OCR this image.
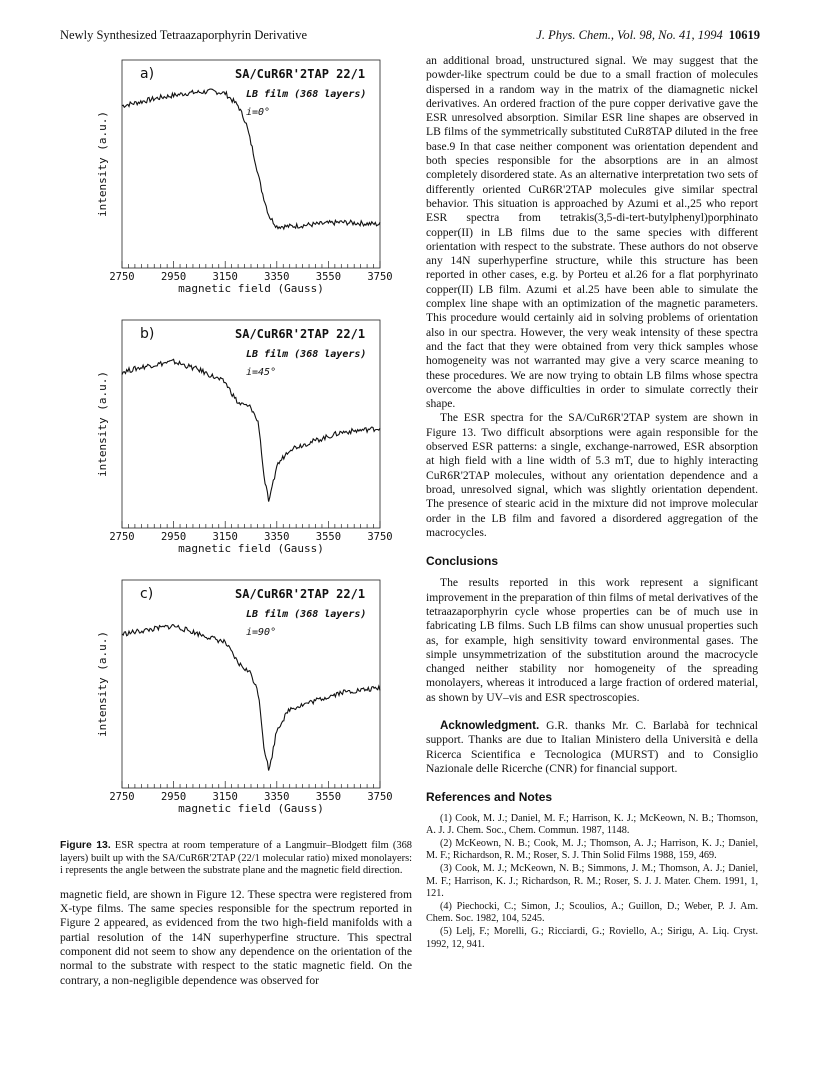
Newly Synthesized Tetraazaporphyrin Derivative	J. Phys. Chem., Vol. 98, No. 41, 1994 10619
2750	2950	3150	3350	3550	3750
magnetic field (Gauss)
intensity (a.u.)
a)	SA/CuR6R'2TAP 22/1
LB film (368 layers)
i=0°
2750	2950	3150	3350	3550	3750
magnetic field (Gauss)
intensity (a.u.)
b)	SA/CuR6R'2TAP 22/1
LB film (368 layers)
i=45°
2750	2950	3150	3350	3550	3750
magnetic field (Gauss)
intensity (a.u.)
c)	SA/CuR6R'2TAP 22/1
LB film (368 layers)
i=90°
Figure 13. ESR spectra at room temperature of a Langmuir–Blodgett film (368 layers) built up with the SA/CuR6R'2TAP (22/1 molecular ratio) mixed monolayers: i represents the angle between the substrate plane and the magnetic field direction.
magnetic field, are shown in Figure 12. These spectra were registered from X-type films. The same species responsible for the spectrum reported in Figure 2 appeared, as evidenced from the two high-field manifolds with a partial resolution of the 14N superhyperfine structure. This spectral component did not seem to show any dependence on the orientation of the normal to the substrate with respect to the static magnetic field. On the contrary, a non-negligible dependence was observed for

an additional broad, unstructured signal. We may suggest that the powder-like spectrum could be due to a small fraction of molecules dispersed in a random way in the matrix of the diamagnetic nickel derivatives. An ordered fraction of the pure copper derivative gave the ESR unresolved absorption. Similar ESR line shapes are observed in LB films of the symmetrically substituted CuR8TAP diluted in the free base.9 In that case neither component was orientation dependent and both species responsible for the absorptions are in an almost completely disordered state. As an alternative interpretation two sets of differently oriented CuR6R'2TAP molecules give similar spectral behavior. This situation is approached by Azumi et al.,25 who report ESR spectra from tetrakis(3,5-di-tert-butylphenyl)porphinato copper(II) in LB films due to the same species with different orientation with respect to the substrate. These authors do not observe any 14N superhyperfine structure, while this structure has been reported in other cases, e.g. by Porteu et al.26 for a flat porphyrinato copper(II) LB film. Azumi et al.25 have been able to simulate the complex line shape with an optimization of the magnetic parameters. This procedure would certainly aid in solving problems of orientation also in our spectra. However, the very weak intensity of these spectra and the fact that they were obtained from very thick samples whose homogeneity was not warranted may give a very scarce meaning to these procedures. We are now trying to obtain LB films whose spectra overcome the above difficulties in order to simulate correctly their shape.

The ESR spectra for the SA/CuR6R'2TAP system are shown in Figure 13. Two difficult absorptions were again responsible for the observed ESR patterns: a single, exchange-narrowed, ESR absorption at high field with a line width of 5.3 mT, due to highly interacting CuR6R'2TAP molecules, without any orientation dependence and a broad, unresolved signal, which was slightly orientation dependent. The presence of stearic acid in the mixture did not improve molecular order in the LB film and favored a disordered aggregation of the macrocycles.

Conclusions

The results reported in this work represent a significant improvement in the preparation of thin films of metal derivatives of the tetraazaporphyrin cycle whose properties can be of much use in fabricating LB films. Such LB films can show unusual properties such as, for example, high sensitivity toward environmental gases. The simple unsymmetrization of the substitution around the macrocycle changed neither stability nor homogeneity of the spreading monolayers, whereas it introduced a large fraction of ordered material, as shown by UV–vis and ESR spectroscopies.

Acknowledgment. G.R. thanks Mr. C. Barlabà for technical support. Thanks are due to Italian Ministero della Università e della Ricerca Scientifica e Tecnologica (MURST) and to Consiglio Nazionale delle Ricerche (CNR) for financial support.

References and Notes
(1) Cook, M. J.; Daniel, M. F.; Harrison, K. J.; McKeown, N. B.; Thomson, A. J. J. Chem. Soc., Chem. Commun. 1987, 1148.
(2) McKeown, N. B.; Cook, M. J.; Thomson, A. J.; Harrison, K. J.; Daniel, M. F.; Richardson, R. M.; Roser, S. J. Thin Solid Films 1988, 159, 469.
(3) Cook, M. J.; McKeown, N. B.; Simmons, J. M.; Thomson, A. J.; Daniel, M. F.; Harrison, K. J.; Richardson, R. M.; Roser, S. J. J. Mater. Chem. 1991, 1, 121.
(4) Piechocki, C.; Simon, J.; Scoulios, A.; Guillon, D.; Weber, P. J. Am. Chem. Soc. 1982, 104, 5245.
(5) Lelj, F.; Morelli, G.; Ricciardi, G.; Roviello, A.; Sirigu, A. Liq. Cryst. 1992, 12, 941.
